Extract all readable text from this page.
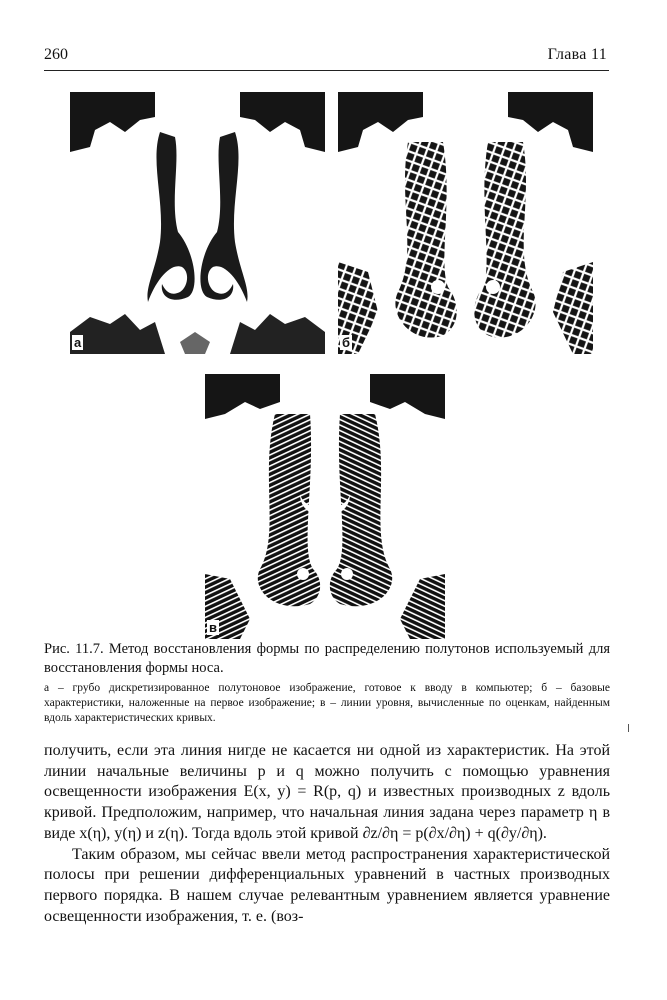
260	Глава 11
а	б
в
Рис. 11.7. Метод восстановления формы по распределению полутонов используемый для восстановления формы носа.
а – грубо дискретизированное полутоновое изображение, готовое к вводу в компьютер; б – базовые характеристики, наложенные на первое изображение; в – линии уровня, вычисленные по оценкам, найденным вдоль характеристических кривых.

получить, если эта линия нигде не касается ни одной из характеристик. На этой линии начальные величины p и q можно получить с помощью уравнения освещенности изображения E(x, y) = R(p, q) и известных производных z вдоль кривой. Предположим, например, что начальная линия задана через параметр η в виде x(η), y(η) и z(η). Тогда вдоль этой кривой ∂z/∂η = p(∂x/∂η) + q(∂y/∂η).

Таким образом, мы сейчас ввели метод распространения характеристической полосы при решении дифференциальных уравнений в частных производных первого порядка. В нашем случае релевантным уравнением является уравнение освещенности изображения, т. е. (воз-
